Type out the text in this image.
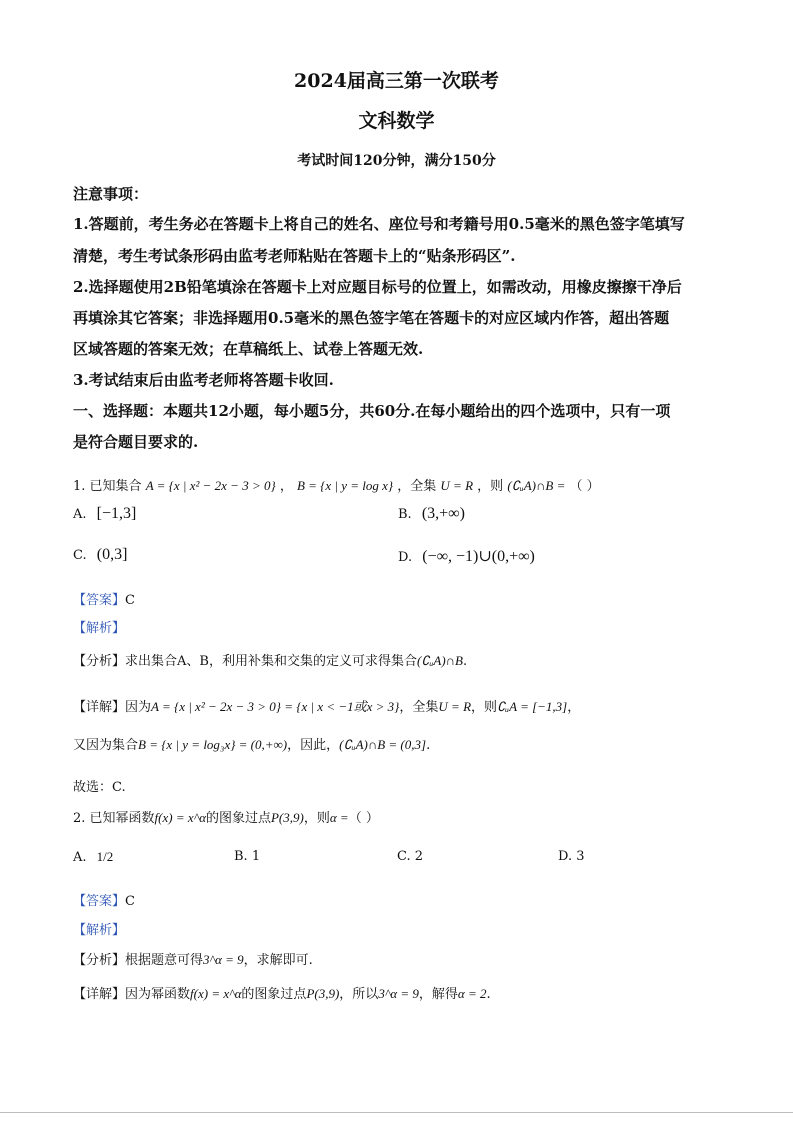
2024届高三第一次联考
文科数学
考试时间120分钟，满分150分
注意事项：
1.答题前，考生务必在答题卡上将自己的姓名、座位号和考籍号用0.5毫米的黑色签字笔填写
清楚，考生考试条形码由监考老师粘贴在答题卡上的“贴条形码区”.
2.选择题使用2B铅笔填涂在答题卡上对应题目标号的位置上，如需改动，用橡皮擦擦干净后
再填涂其它答案；非选择题用0.5毫米的黑色签字笔在答题卡的对应区域内作答，超出答题
区域答题的答案无效；在草稿纸上、试卷上答题无效.
3.考试结束后由监考老师将答题卡收回.
一、选择题：本题共12小题，每小题5分，共60分.在每小题给出的四个选项中，只有一项
是符合题目要求的.
1. 已知集合 A = {x | x² − 2x − 3 > 0} ， B = {x | y = log x} ，全集 U = R ，则 (∁ᵤA)∩B = （ ）
A. [−1,3]	B. (3,+∞)
C. (0,3]	D. (−∞, −1)∪(0,+∞)
【答案】C
【解析】
【分析】求出集合A、B，利用补集和交集的定义可求得集合(∁ᵤA)∩B.
【详解】因为A = {x | x² − 2x − 3 > 0} = {x | x < −1或x > 3}，全集U = R，则∁ᵤA = [−1,3]，
又因为集合B = {x | y = log₃x} = (0,+∞)，因此，(∁ᵤA)∩B = (0,3].
故选：C.
2. 已知幂函数f(x) = x^α的图象过点P(3,9)，则α =（ ）
A. 1/2	B. 1	C. 2	D. 3
【答案】C
【解析】
【分析】根据题意可得3^α = 9，求解即可.
【详解】因为幂函数f(x) = x^α的图象过点P(3,9)，所以3^α = 9，解得α = 2.
